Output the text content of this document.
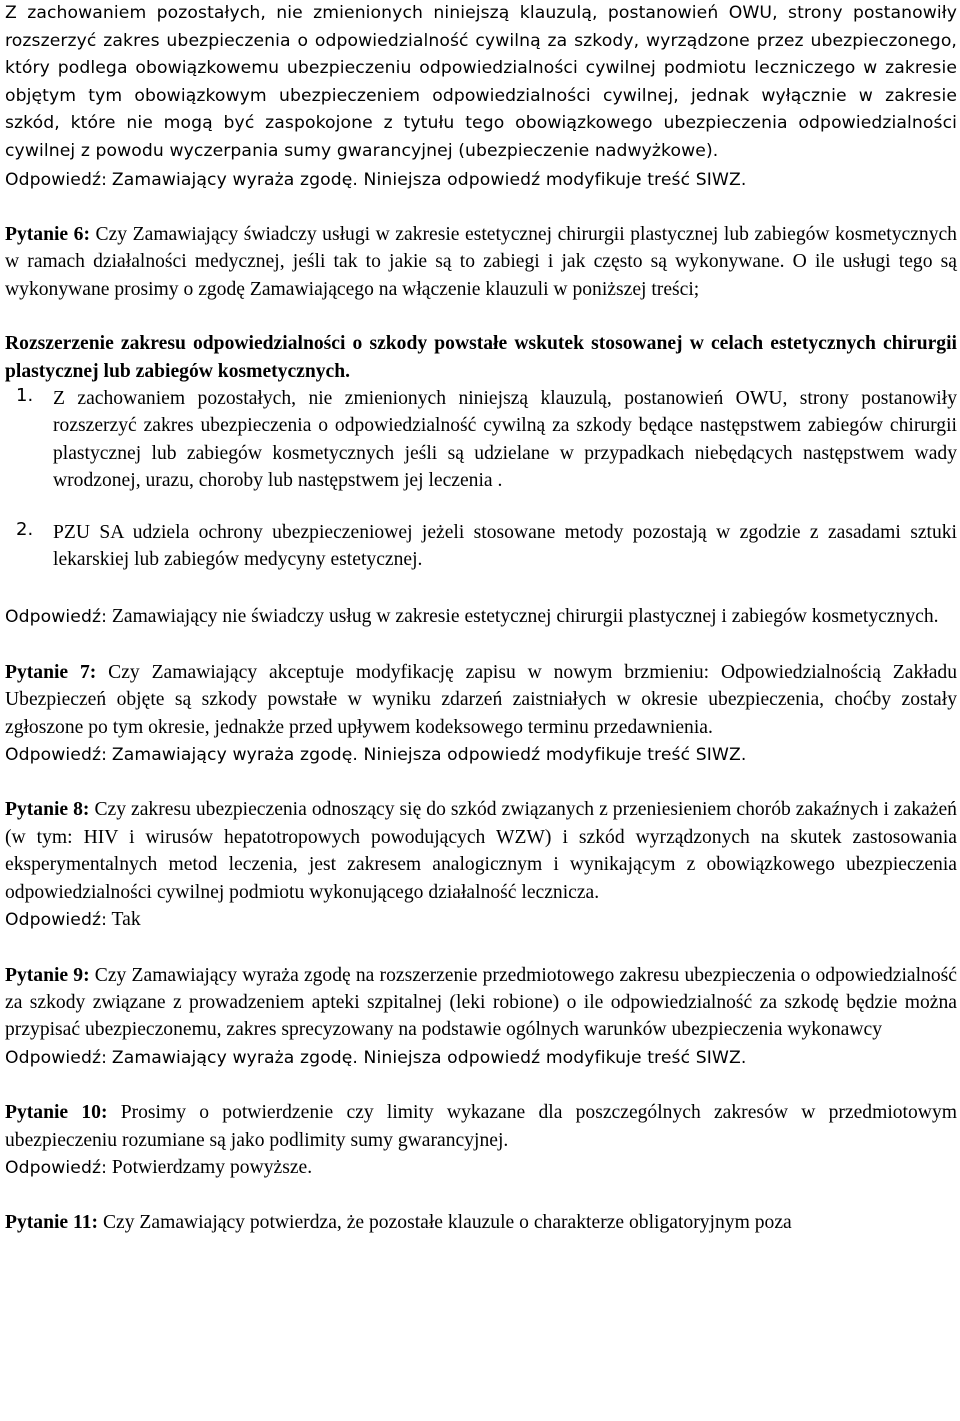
Z zachowaniem pozostałych, nie zmienionych niniejszą klauzulą, postanowień OWU, strony postanowiły rozszerzyć zakres ubezpieczenia o odpowiedzialność cywilną za szkody, wyrządzone przez ubezpieczonego, który podlega obowiązkowemu ubezpieczeniu odpowiedzialności cywilnej podmiotu leczniczego w zakresie objętym tym obowiązkowym ubezpieczeniem odpowiedzialności cywilnej, jednak wyłącznie w zakresie szkód, które nie mogą być zaspokojone z tytułu tego obowiązkowego ubezpieczenia odpowiedzialności cywilnej z powodu wyczerpania sumy gwarancyjnej (ubezpieczenie nadwyżkowe).

Odpowiedź: Zamawiający wyraża zgodę. Niniejsza odpowiedź modyfikuje treść SIWZ.

Pytanie 6: Czy Zamawiający świadczy usługi w zakresie estetycznej chirurgii plastycznej lub zabiegów kosmetycznych w ramach działalności medycznej, jeśli tak to jakie są to zabiegi i jak często są wykonywane. O ile usługi tego są wykonywane prosimy o zgodę Zamawiającego na włączenie klauzuli w poniższej treści;

Rozszerzenie zakresu odpowiedzialności o szkody powstałe wskutek stosowanej w celach estetycznych chirurgii plastycznej lub zabiegów kosmetycznych.

1.	Z zachowaniem pozostałych, nie zmienionych niniejszą klauzulą, postanowień OWU, strony postanowiły rozszerzyć zakres ubezpieczenia o odpowiedzialność cywilną za szkody będące następstwem zabiegów chirurgii plastycznej lub zabiegów kosmetycznych jeśli są udzielane w przypadkach niebędących następstwem wady wrodzonej, urazu, choroby lub następstwem jej leczenia .

2.	PZU SA udziela ochrony ubezpieczeniowej jeżeli stosowane metody pozostają w zgodzie z zasadami sztuki lekarskiej lub zabiegów medycyny estetycznej.

Odpowiedź: Zamawiający nie świadczy usług w zakresie estetycznej chirurgii plastycznej i zabiegów kosmetycznych.

Pytanie 7: Czy Zamawiający akceptuje modyfikację zapisu w nowym brzmieniu: Odpowiedzialnością Zakładu Ubezpieczeń objęte są szkody powstałe w wyniku zdarzeń zaistniałych w okresie ubezpieczenia, choćby zostały zgłoszone po tym okresie, jednakże przed upływem kodeksowego terminu przedawnienia.

Odpowiedź: Zamawiający wyraża zgodę. Niniejsza odpowiedź modyfikuje treść SIWZ.

Pytanie 8: Czy zakresu ubezpieczenia odnoszący się do szkód związanych z przeniesieniem chorób zakaźnych i zakażeń (w tym: HIV i wirusów hepatotropowych powodujących WZW) i szkód wyrządzonych na skutek zastosowania eksperymentalnych metod leczenia, jest zakresem analogicznym i wynikającym z obowiązkowego ubezpieczenia odpowiedzialności cywilnej podmiotu wykonującego działalność lecznicza.

Odpowiedź: Tak

Pytanie 9: Czy Zamawiający wyraża zgodę na rozszerzenie przedmiotowego zakresu ubezpieczenia o odpowiedzialność za szkody związane z prowadzeniem apteki szpitalnej (leki robione) o ile odpowiedzialność za szkodę będzie można przypisać ubezpieczonemu, zakres sprecyzowany na podstawie ogólnych warunków ubezpieczenia wykonawcy

Odpowiedź: Zamawiający wyraża zgodę. Niniejsza odpowiedź modyfikuje treść SIWZ.

Pytanie 10: Prosimy o potwierdzenie czy limity wykazane dla poszczególnych zakresów w przedmiotowym ubezpieczeniu rozumiane są jako podlimity sumy gwarancyjnej.

Odpowiedź: Potwierdzamy powyższe.

Pytanie 11: Czy Zamawiający potwierdza, że pozostałe klauzule o charakterze obligatoryjnym poza
